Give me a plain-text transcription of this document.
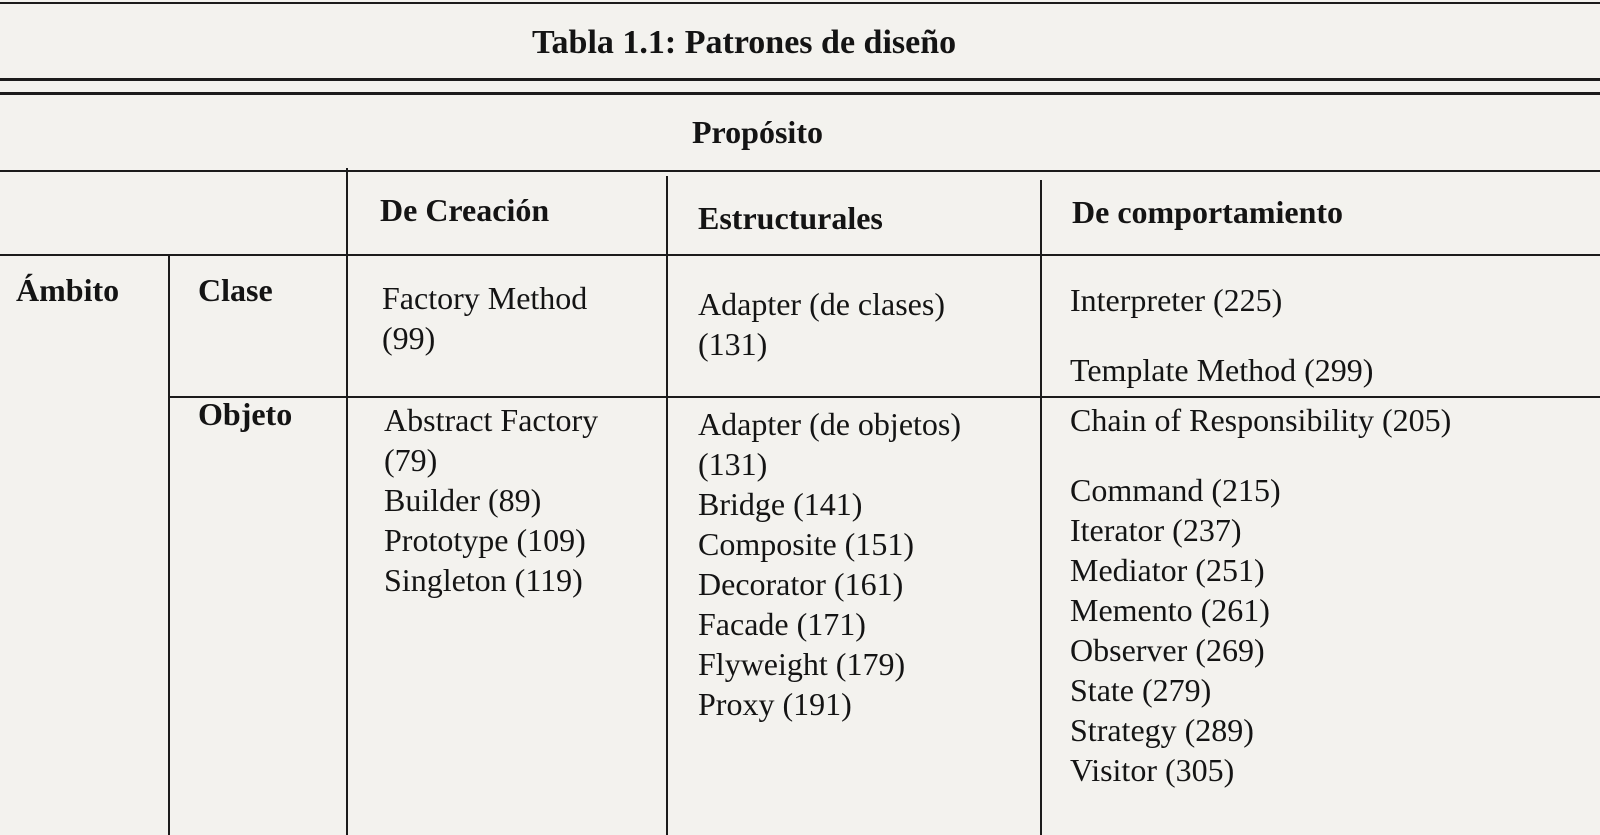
Tabla 1.1: Patrones de diseño
Propósito
De Creación	Estructurales	De comportamiento
Ámbito Clase
Objeto
Factory Method
(99)
Adapter (de clases)
(131)
Interpreter (225)
Template Method (299)
Abstract Factory
(79)
Builder (89)
Prototype (109)
Singleton (119)
Adapter (de objetos)
(131)
Bridge (141)
Composite (151)
Decorator (161)
Facade (171)
Flyweight (179)
Proxy (191)
Chain of Responsibility (205)
Command (215)
Iterator (237)
Mediator (251)
Memento (261)
Observer (269)
State (279)
Strategy (289)
Visitor (305)
